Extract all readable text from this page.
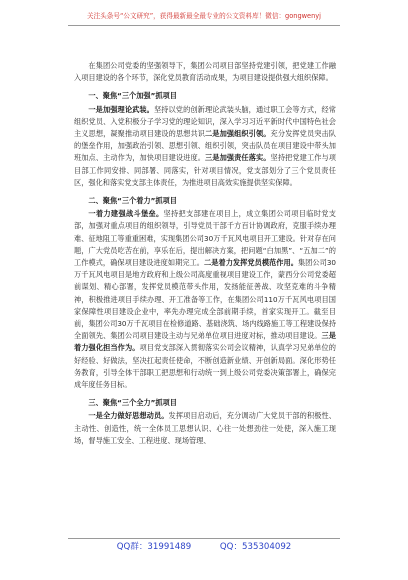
关注头条号“公文研究”，获得最新最全最专业的公文资料库！微信：gongwenyj

在集团公司党委的坚强领导下，集团公司项目部坚持党建引领，把党建工作融入项目建设的各个环节，深化党员教育活动成果，为项目建设提供强大组织保障。

一、聚焦“三个加强”抓项目

一是加强理论武装。坚持以党的创新理论武装头脑，通过职工会等方式，经常组织党员、入党积极分子学习党的理论知识，深入学习习近平新时代中国特色社会主义思想，凝聚推动项目建设的思想共识二是加强组织引领。充分发挥党员突击队的堡垒作用，加强政治引领、思想引领、组织引领，突击队员在项目建设中带头加班加点、主动作为，加快项目建设进度。三是加强责任落实。坚持把党建工作与项目部工作同安排、同部署、同落实，针对项目情况，党支部划分了三个党员责任区，强化和落实党支部主体责任，为推进项目高效实施提供坚实保障。

二、聚焦“三个着力”抓项目

一着力建强战斗堡垒。坚持把支部建在项目上，成立集团公司项目临时党支部，加强对重点项目的组织领导，引导党员干部千方百计协调政府，克服手续办理难、征地阻工等重重困难，实现集团公司30万千瓦风电项目开工建设。针对存在问题，广大党员吃苦在前，享乐在后，提出解决方案，把问题“白加黑”、“五加二”的工作模式，确保项目建设进度如期完工。二是着力发挥党员模范作用。集团公司30万千瓦风电项目是地方政府和上级公司高度重视项目建设工作，蒙西分公司党委超前谋划、精心部署，发挥党员模范带头作用，发扬能征善战、攻坚克难的斗争精神，积极推进项目手续办理、开工准备等工作，在集团公司110万千瓦风电项目国家保障性项目建设企业中，率先办理完成全部前期手续，首家实现开工。截至目前，集团公司30万千瓦项目在检修道路、基础浇筑、场内线路施工等工程建设保持全面领先、集团公司项目建设主动与兄弟单位项目进度对标，推动项目建设。三是着力强化担当作为。项目党支部深入贯彻落实公司会议精神，认真学习兄弟单位的好经验、好做法，坚决扛起责任使命，不断创造新业绩、开创新局面。深化形势任务教育，引导全体干部职工把思想和行动统一到上级公司党委决策部署上，确保完成年度任务目标。

三、聚焦“三个全力”抓项目

一是全力做好思想动员。发挥项目启动后，充分调动广大党员干部的积极性、主动性、创造性，统一全体员工思想认识、心往一处想劲往一处使，深入施工现场，督导施工安全、工程进度、现场管理、

QQ群：31991489	QQ：535304092
